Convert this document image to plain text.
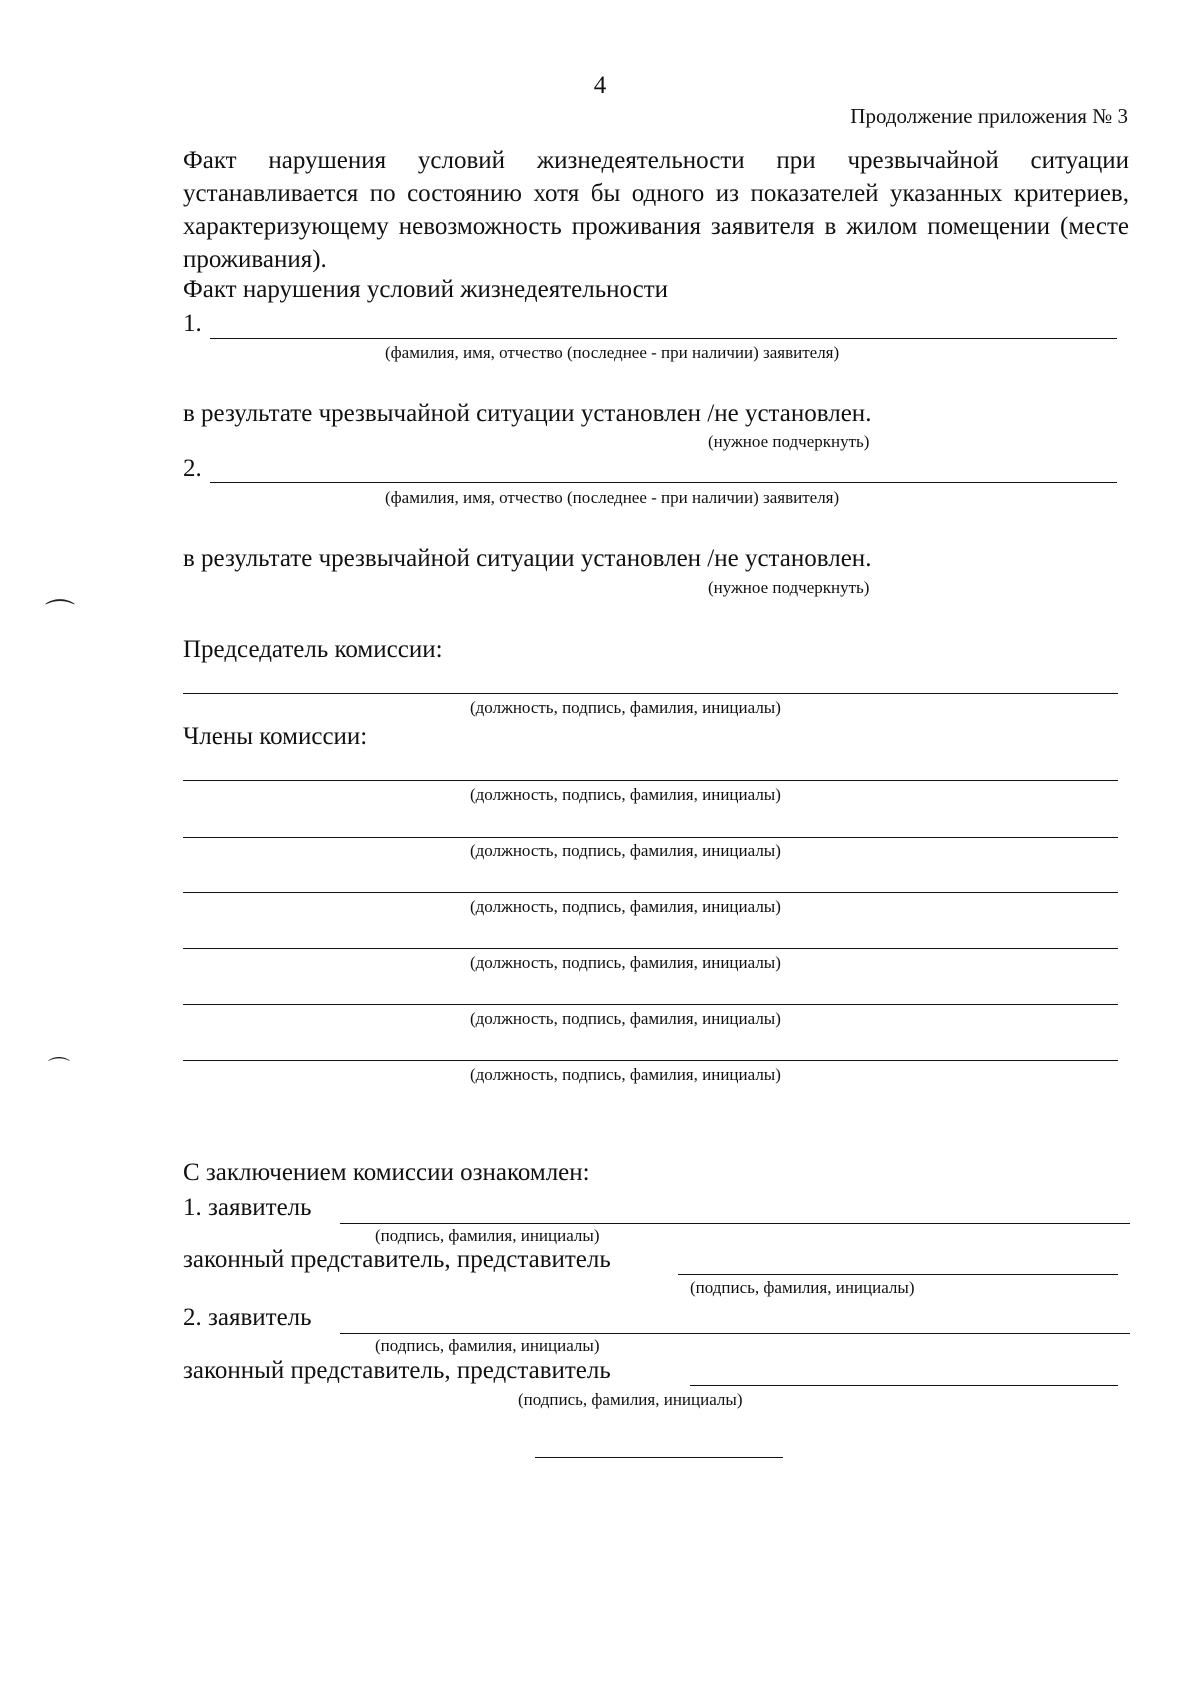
4
Продолжение приложения № 3
Факт нарушения условий жизнедеятельности при чрезвычайной ситуации устанавливается по состоянию хотя бы одного из показателей указанных критериев, характеризующему невозможность проживания заявителя в жилом помещении (месте проживания).
Факт нарушения условий жизнедеятельности
1.
(фамилия, имя, отчество (последнее - при наличии) заявителя)
в результате чрезвычайной ситуации установлен /не установлен.
(нужное подчеркнуть)
2.
(фамилия, имя, отчество (последнее - при наличии) заявителя)
в результате чрезвычайной ситуации установлен /не установлен.
(нужное подчеркнуть)
⌒
⌒
Председатель комиссии:
(должность, подпись, фамилия, инициалы)
Члены комиссии:
(должность, подпись, фамилия, инициалы)
(должность, подпись, фамилия, инициалы)
(должность, подпись, фамилия, инициалы)
(должность, подпись, фамилия, инициалы)
(должность, подпись, фамилия, инициалы)
(должность, подпись, фамилия, инициалы)
С заключением комиссии ознакомлен:
1. заявитель
(подпись, фамилия, инициалы)
законный представитель, представитель
(подпись, фамилия, инициалы)
2. заявитель
(подпись, фамилия, инициалы)
законный представитель, представитель
(подпись, фамилия, инициалы)
